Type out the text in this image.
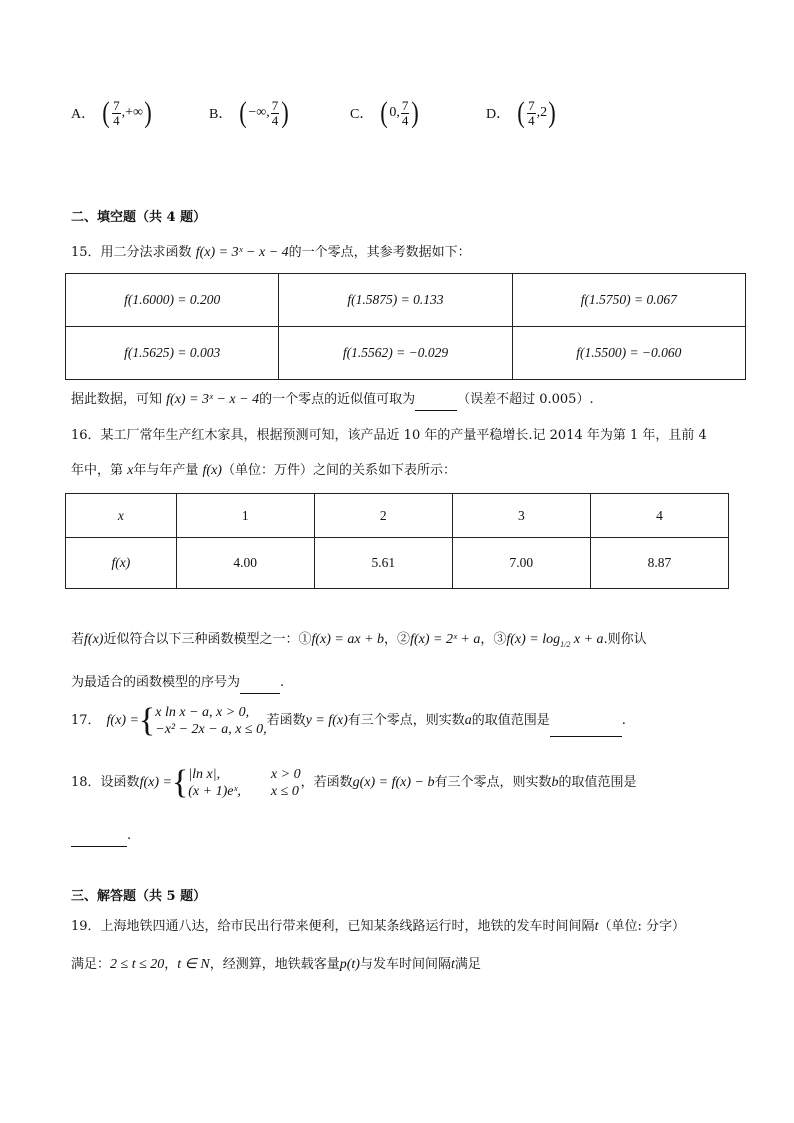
A． ( $\frac{7}{4}$ ,+∞ )	B． ( −∞, $\frac{7}{4}$ )	C． ( 0, $\frac{7}{4}$ )	D． ( $\frac{7}{4} ,2$ )
二、填空题（共 4 题）
15．用二分法求函数 f(x) = 3ˣ − x − 4的一个零点，其参考数据如下：
f(1.6000) = 0.200	f(1.5875) = 0.133	f(1.5750) = 0.067
f(1.5625) = 0.003	f(1.5562) = −0.029	f(1.5500) = −0.060
据此数据，可知 f(x) = 3ˣ − x − 4的一个零点的近似值可取为	（误差不超过 0.005）.
16．某工厂常年生产红木家具，根据预测可知，该产品近 10 年的产量平稳增长.记 2014 年为第 1 年，且前 4
年中，第 x年与年产量 f(x)（单位：万件）之间的关系如下表所示：
x	1	2	3	4
f(x)	4.00	5.61	7.00	8.87
若f(x)近似符合以下三种函数模型之一：①f(x) = ax + b，②f(x) = 2ˣ + a，③f(x) = $\log_{1/2} x + a$.则你认
为最适合的函数模型的序号为	.
17． f(x) = { x ln x − a, x > 0,
−x² − 2x − a, x ≤ 0,
若函数 y = f(x) 有三个零点，则实数 a 的取值范围是
	.
18． 设函数 f(x) = { |ln x|,	x > 0
(x + 1)eˣ, x ≤ 0
，若函数 g(x) = f(x) − b 有三个零点，则实数 b 的取值范围是
.
三、解答题（共 5 题）
19．上海地铁四通八达，给市民出行带来便利，已知某条线路运行时，地铁的发车时间间隔t（单位: 分字）
满足：2 ≤ t ≤ 20，t ∈ N，经测算，地铁载客量p(t)与发车时间间隔t满足
